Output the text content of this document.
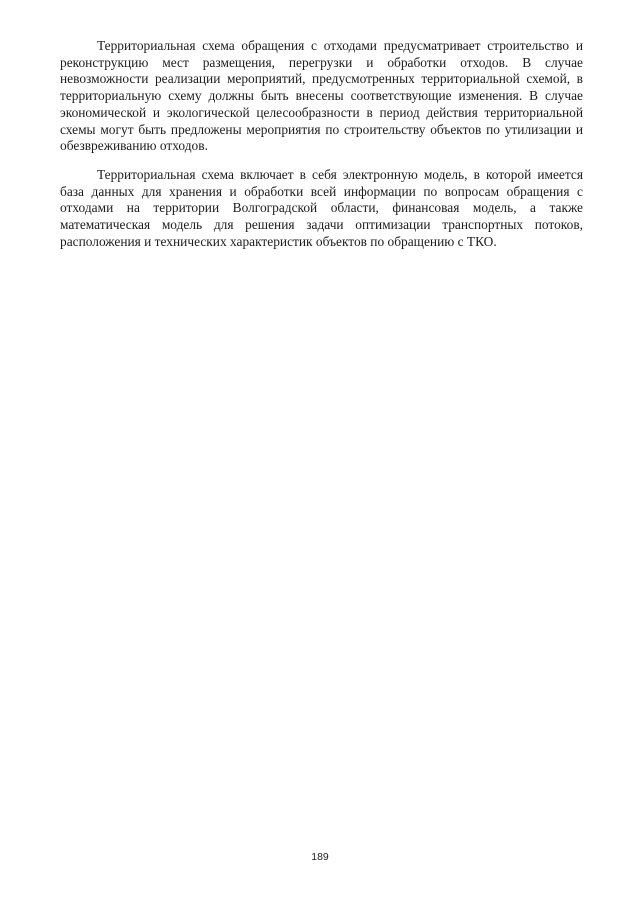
Территориальная схема обращения с отходами предусматривает строительство и реконструкцию мест размещения, перегрузки и обработки отходов. В случае невозможности реализации мероприятий, предусмотренных территориальной схемой, в территориальную схему должны быть внесены соответствующие изменения. В случае экономической и экологической целесообразности в период действия территориальной схемы могут быть предложены мероприятия по строительству объектов по утилизации и обезвреживанию отходов.

Территориальная схема включает в себя электронную модель, в которой имеется база данных для хранения и обработки всей информации по вопросам обращения с отходами на территории Волгоградской области, финансовая модель, а также математическая модель для решения задачи оптимизации транспортных потоков, расположения и технических характеристик объектов по обращению с ТКО.

189
